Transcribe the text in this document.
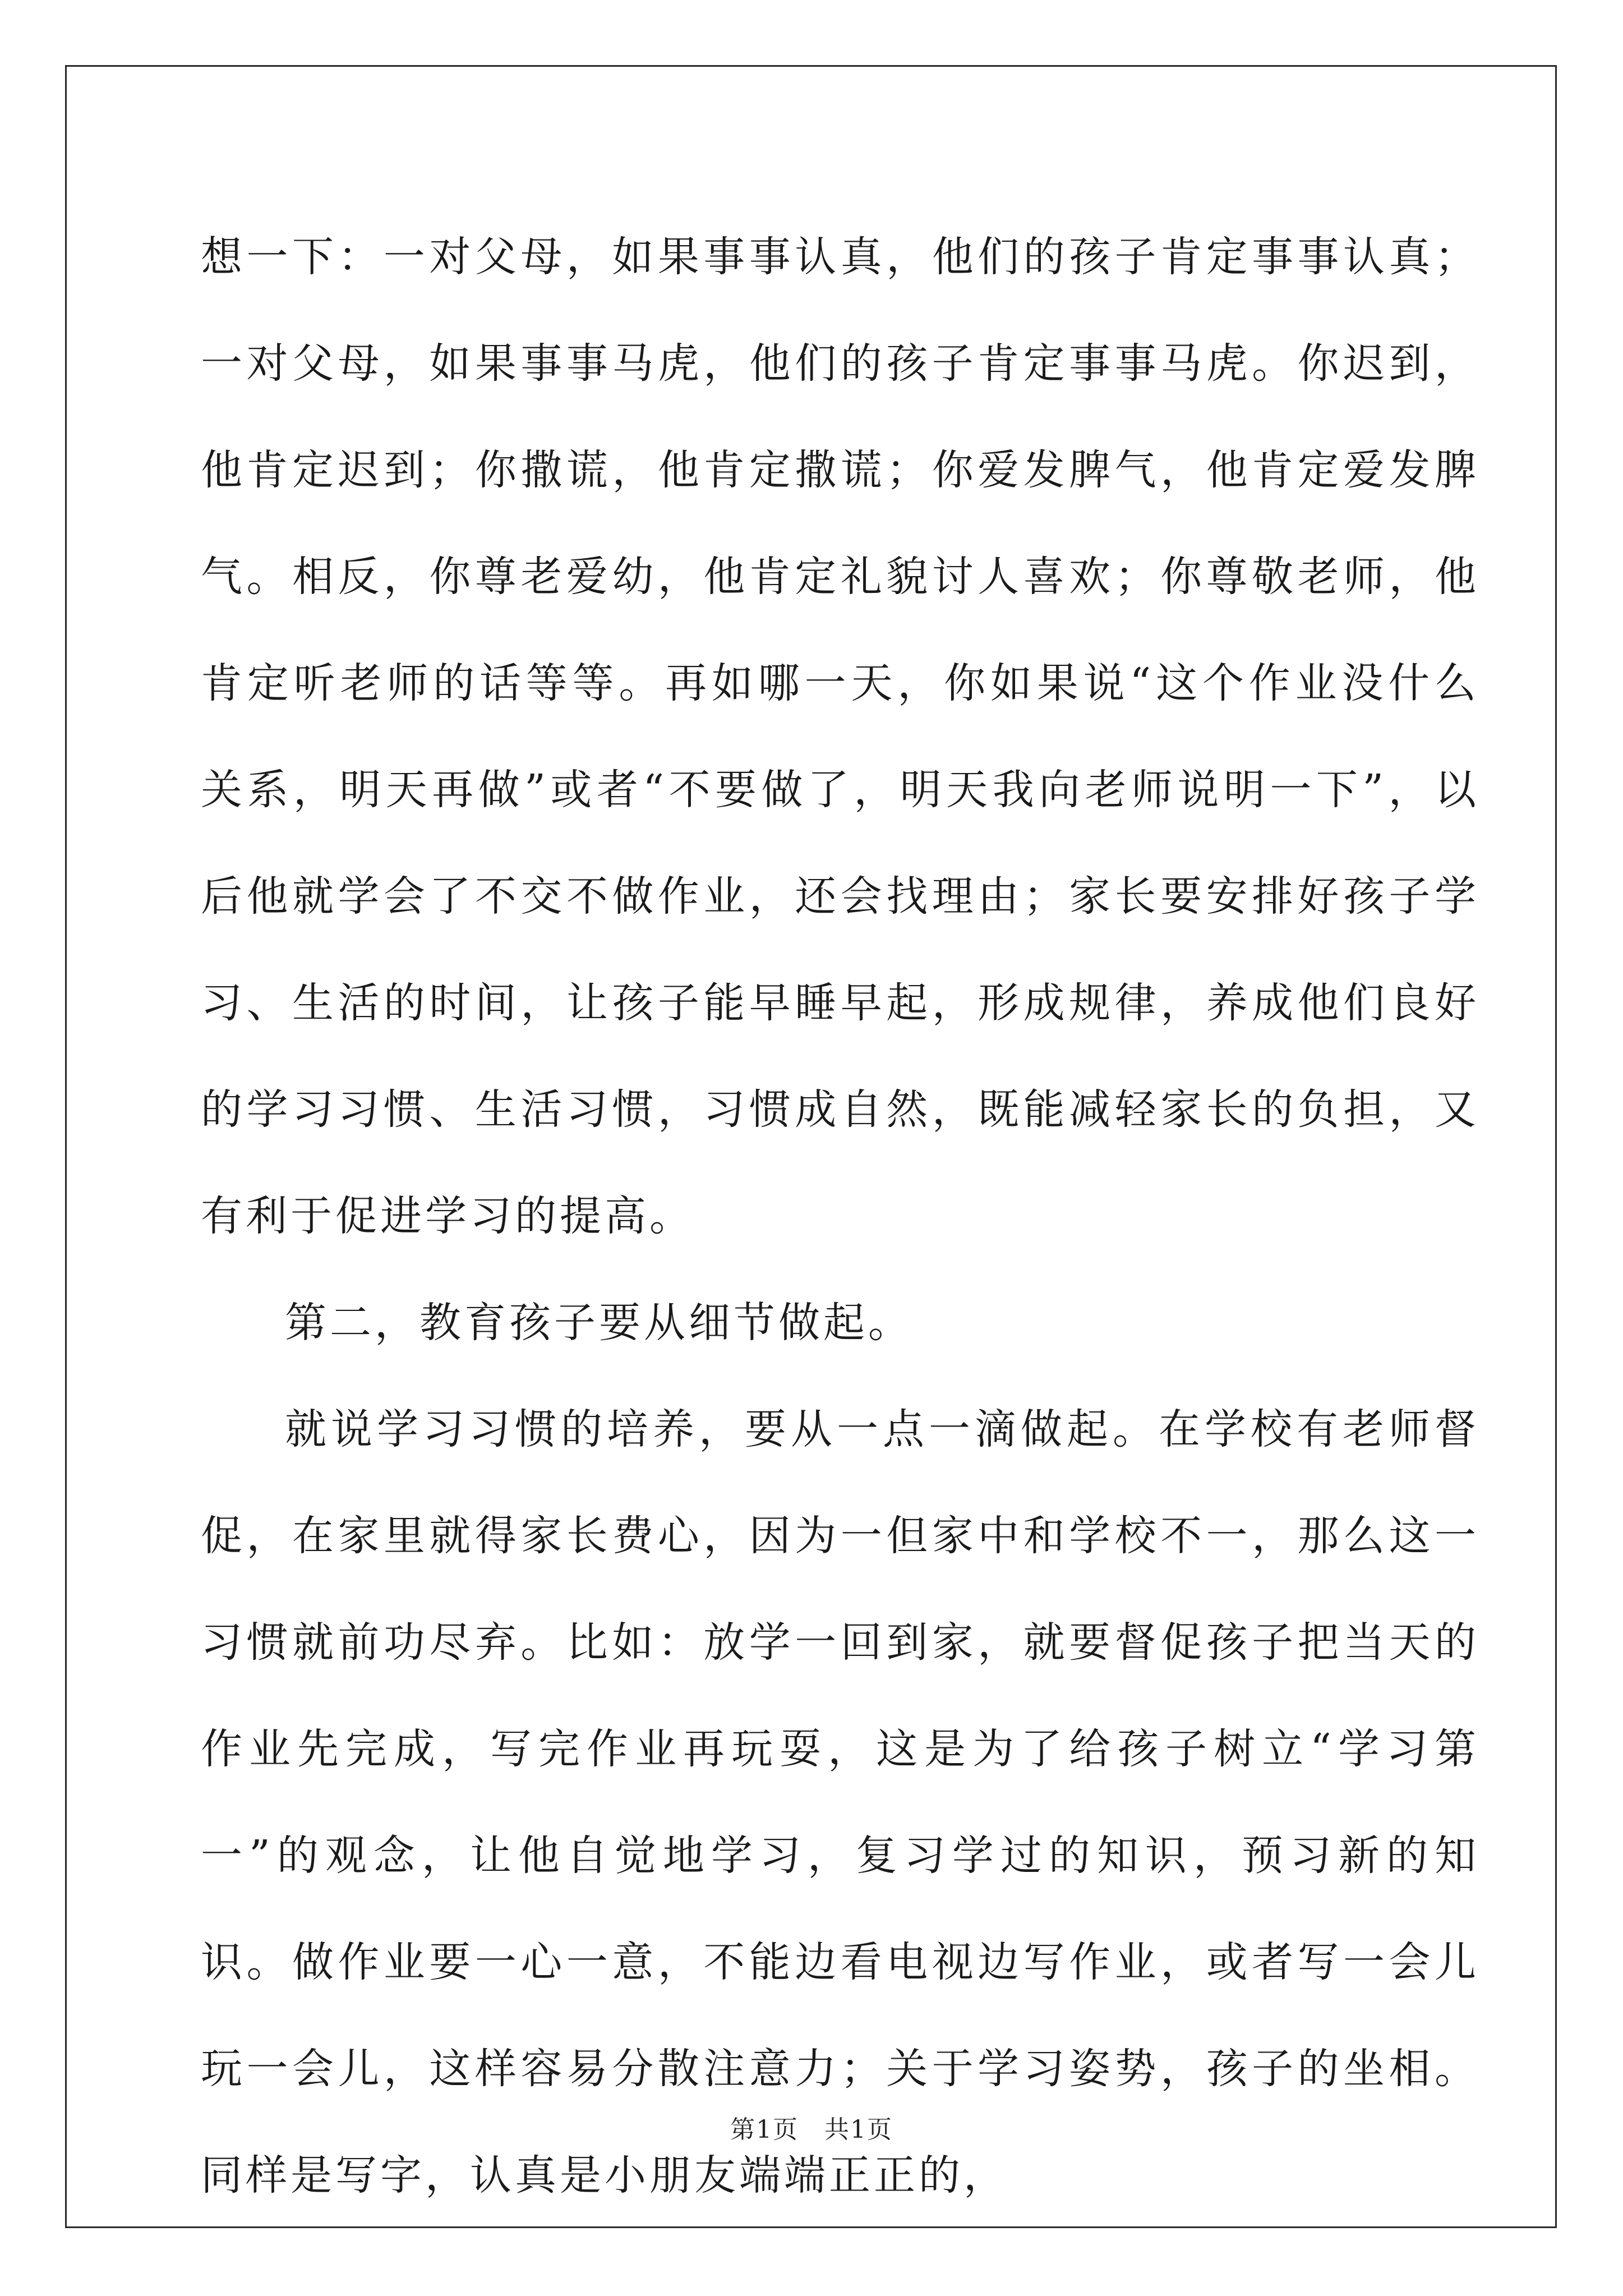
想一下：一对父母，如果事事认真，他们的孩子肯定事事认真；一对父母，如果事事马虎，他们的孩子肯定事事马虎。你迟到，他肯定迟到；你撒谎，他肯定撒谎；你爱发脾气，他肯定爱发脾气。相反，你尊老爱幼，他肯定礼貌讨人喜欢；你尊敬老师，他肯定听老师的话等等。再如哪一天，你如果说“这个作业没什么关系，明天再做”或者“不要做了，明天我向老师说明一下”，以后他就学会了不交不做作业，还会找理由；家长要安排好孩子学习、生活的时间，让孩子能早睡早起，形成规律，养成他们良好的学习习惯、生活习惯，习惯成自然，既能减轻家长的负担，又有利于促进学习的提高。

第二，教育孩子要从细节做起。

就说学习习惯的培养，要从一点一滴做起。在学校有老师督促，在家里就得家长费心，因为一但家中和学校不一，那么这一习惯就前功尽弃。比如：放学一回到家，就要督促孩子把当天的作业先完成，写完作业再玩耍，这是为了给孩子树立“学习第一”的观念，让他自觉地学习，复习学过的知识，预习新的知识。做作业要一心一意，不能边看电视边写作业，或者写一会儿玩一会儿，这样容易分散注意力；关于学习姿势，孩子的坐相。同样是写字，认真是小朋友端端正正的，

第1页　共1页
